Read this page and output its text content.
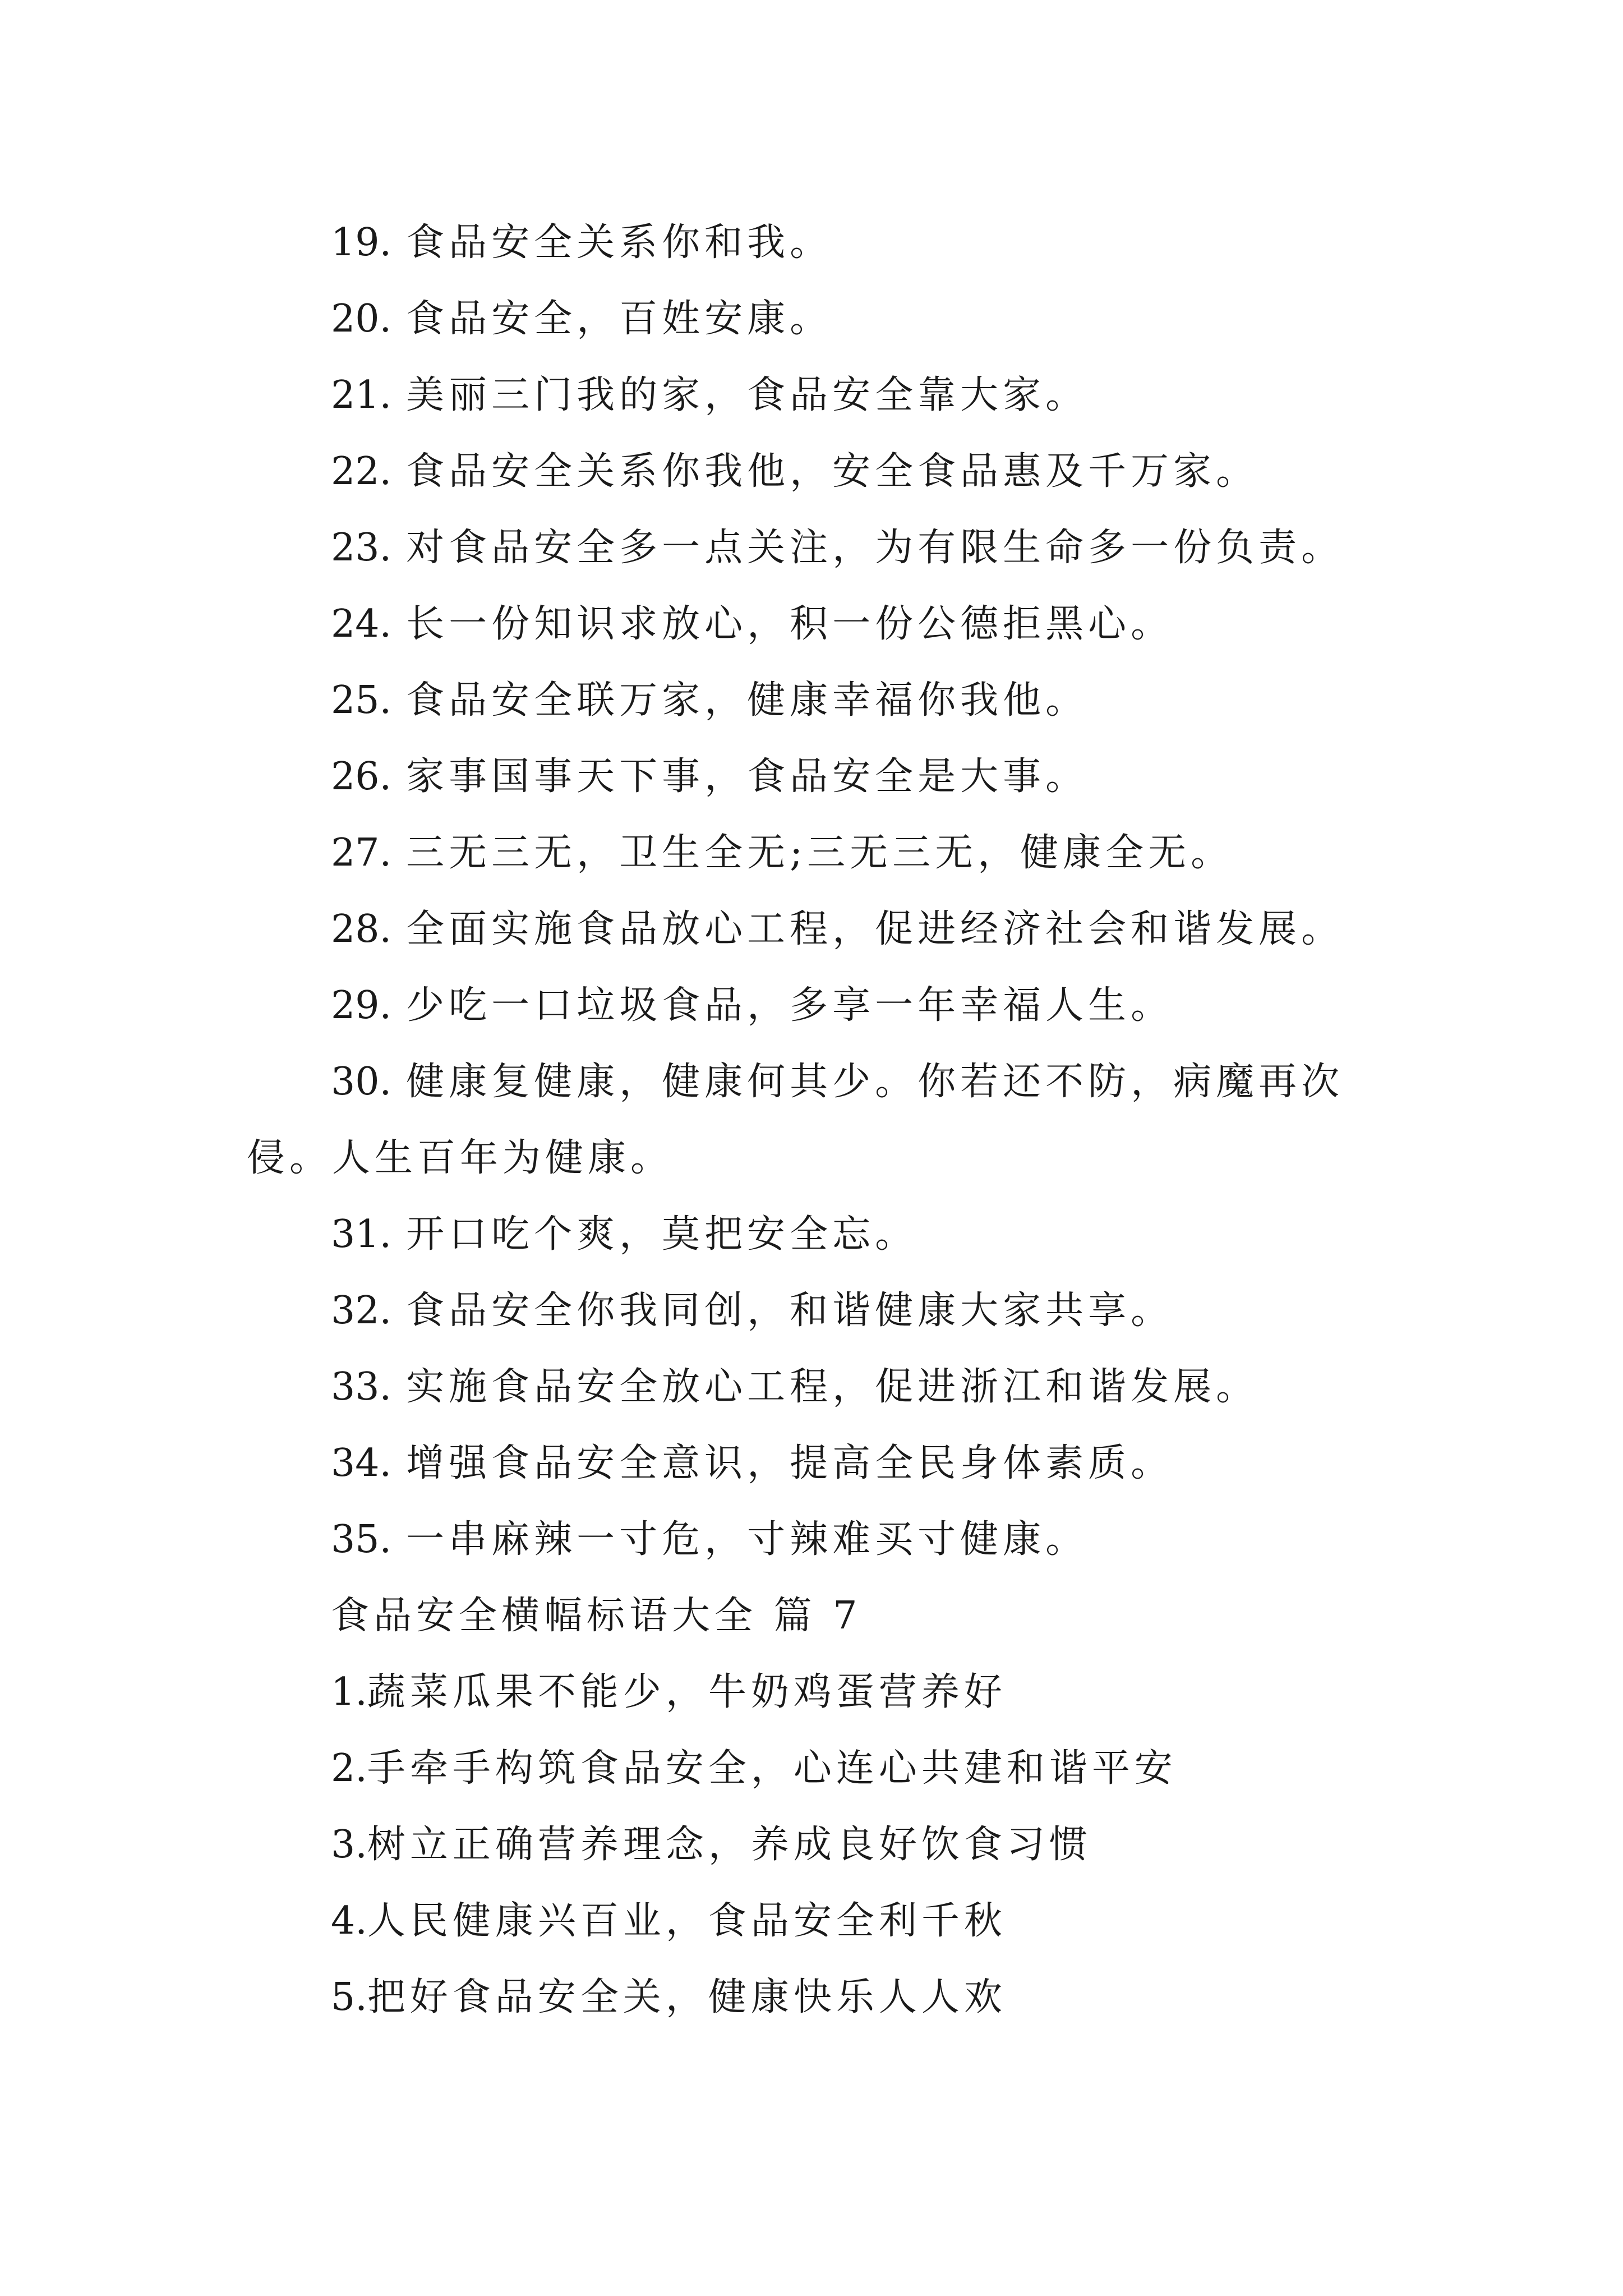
19. 食品安全关系你和我。
20. 食品安全，百姓安康。
21. 美丽三门我的家，食品安全靠大家。
22. 食品安全关系你我他，安全食品惠及千万家。
23. 对食品安全多一点关注，为有限生命多一份负责。
24. 长一份知识求放心，积一份公德拒黑心。
25. 食品安全联万家，健康幸福你我他。
26. 家事国事天下事，食品安全是大事。
27. 三无三无，卫生全无;三无三无，健康全无。
28. 全面实施食品放心工程，促进经济社会和谐发展。
29. 少吃一口垃圾食品，多享一年幸福人生。
30. 健康复健康，健康何其少。你若还不防，病魔再次
侵。人生百年为健康。
31. 开口吃个爽，莫把安全忘。
32. 食品安全你我同创，和谐健康大家共享。
33. 实施食品安全放心工程，促进浙江和谐发展。
34. 增强食品安全意识，提高全民身体素质。
35. 一串麻辣一寸危，寸辣难买寸健康。
食品安全横幅标语大全 篇 7
1.蔬菜瓜果不能少，牛奶鸡蛋营养好
2.手牵手构筑食品安全，心连心共建和谐平安
3.树立正确营养理念，养成良好饮食习惯
4.人民健康兴百业，食品安全利千秋
5.把好食品安全关，健康快乐人人欢
